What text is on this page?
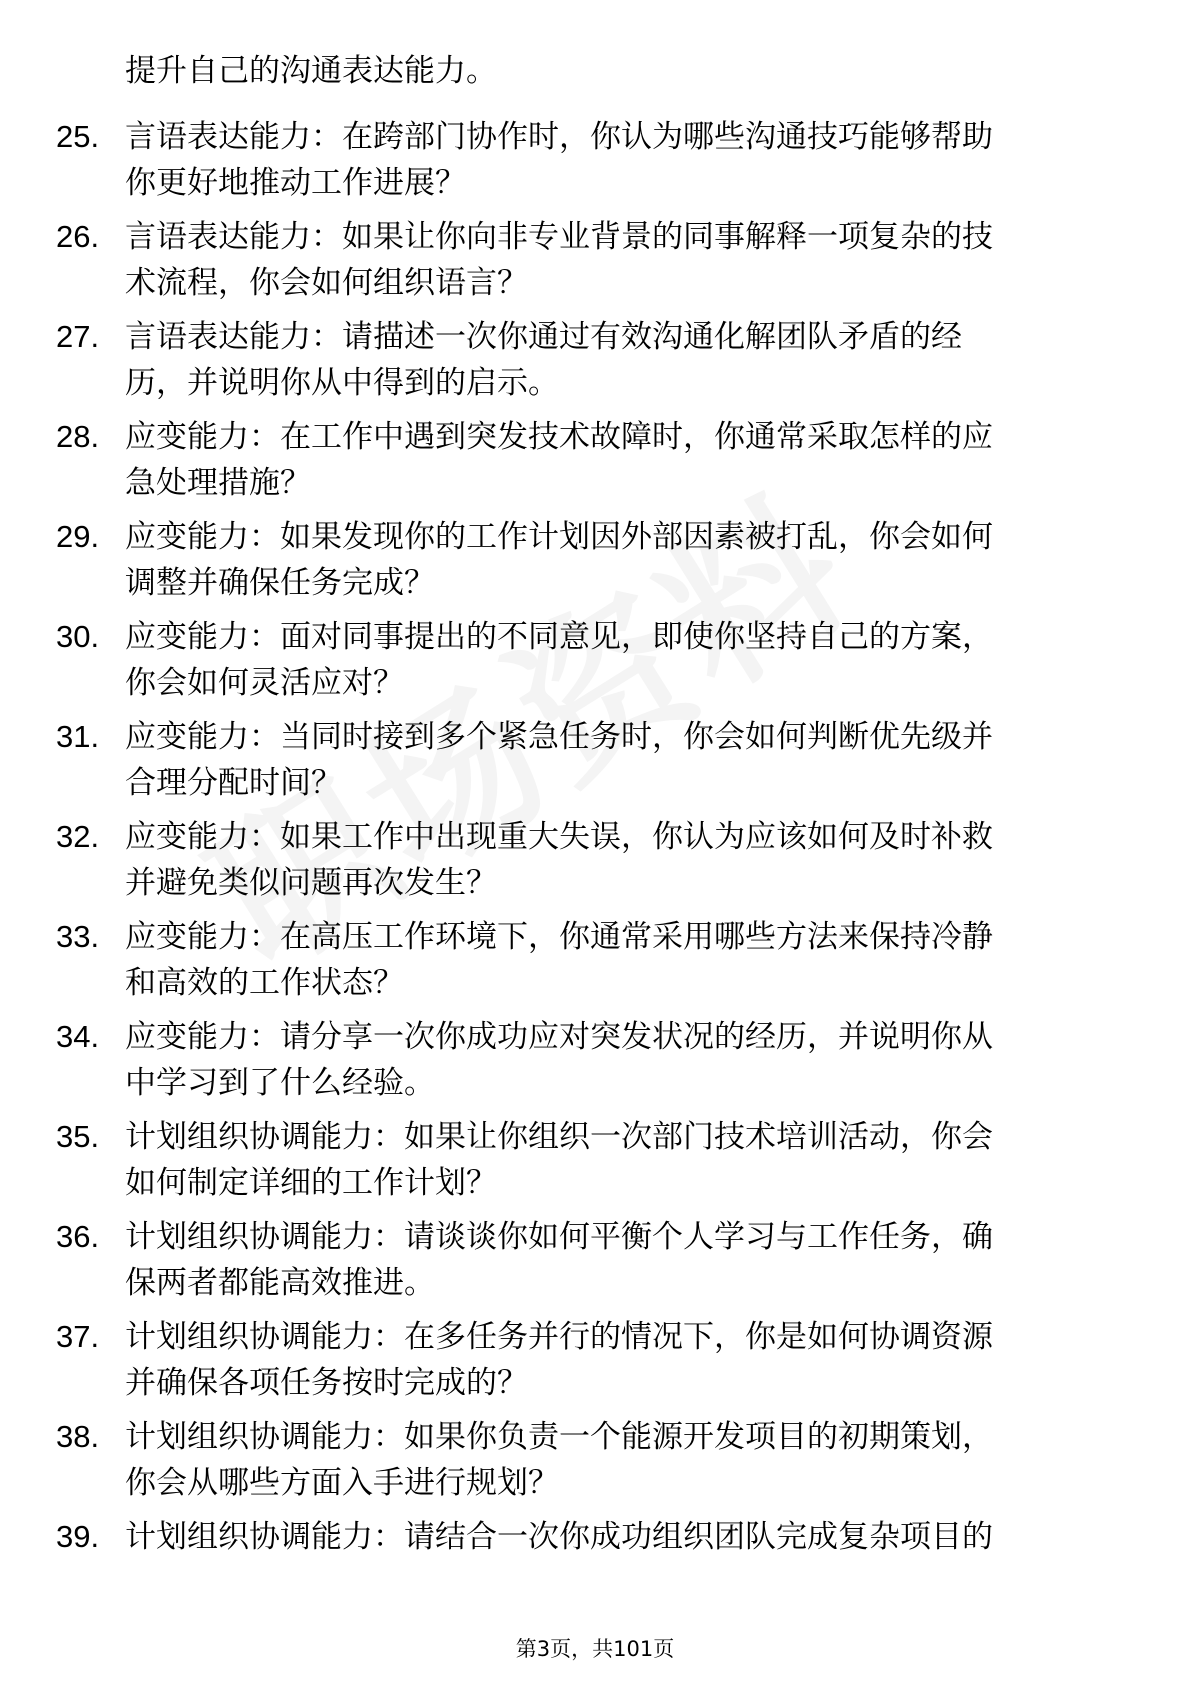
提升自己的沟通表达能力。
25. 言语表达能力：在跨部门协作时，你认为哪些沟通技巧能够帮助
你更好地推动工作进展？
26. 言语表达能力：如果让你向非专业背景的同事解释一项复杂的技
术流程，你会如何组织语言？
27. 言语表达能力：请描述一次你通过有效沟通化解团队矛盾的经
历，并说明你从中得到的启示。
28. 应变能力：在工作中遇到突发技术故障时，你通常采取怎样的应
急处理措施？
29. 应变能力：如果发现你的工作计划因外部因素被打乱，你会如何
调整并确保任务完成？
30. 应变能力：面对同事提出的不同意见，即使你坚持自己的方案，
你会如何灵活应对？
31. 应变能力：当同时接到多个紧急任务时，你会如何判断优先级并
合理分配时间？
32. 应变能力：如果工作中出现重大失误，你认为应该如何及时补救
并避免类似问题再次发生？
33. 应变能力：在高压工作环境下，你通常采用哪些方法来保持冷静
和高效的工作状态？
34. 应变能力：请分享一次你成功应对突发状况的经历，并说明你从
中学习到了什么经验。
35. 计划组织协调能力：如果让你组织一次部门技术培训活动，你会
如何制定详细的工作计划？
36. 计划组织协调能力：请谈谈你如何平衡个人学习与工作任务，确
保两者都能高效推进。
37. 计划组织协调能力：在多任务并行的情况下，你是如何协调资源
并确保各项任务按时完成的？
38. 计划组织协调能力：如果你负责一个能源开发项目的初期策划，
你会从哪些方面入手进行规划？
39. 计划组织协调能力：请结合一次你成功组织团队完成复杂项目的
第3页，共101页
